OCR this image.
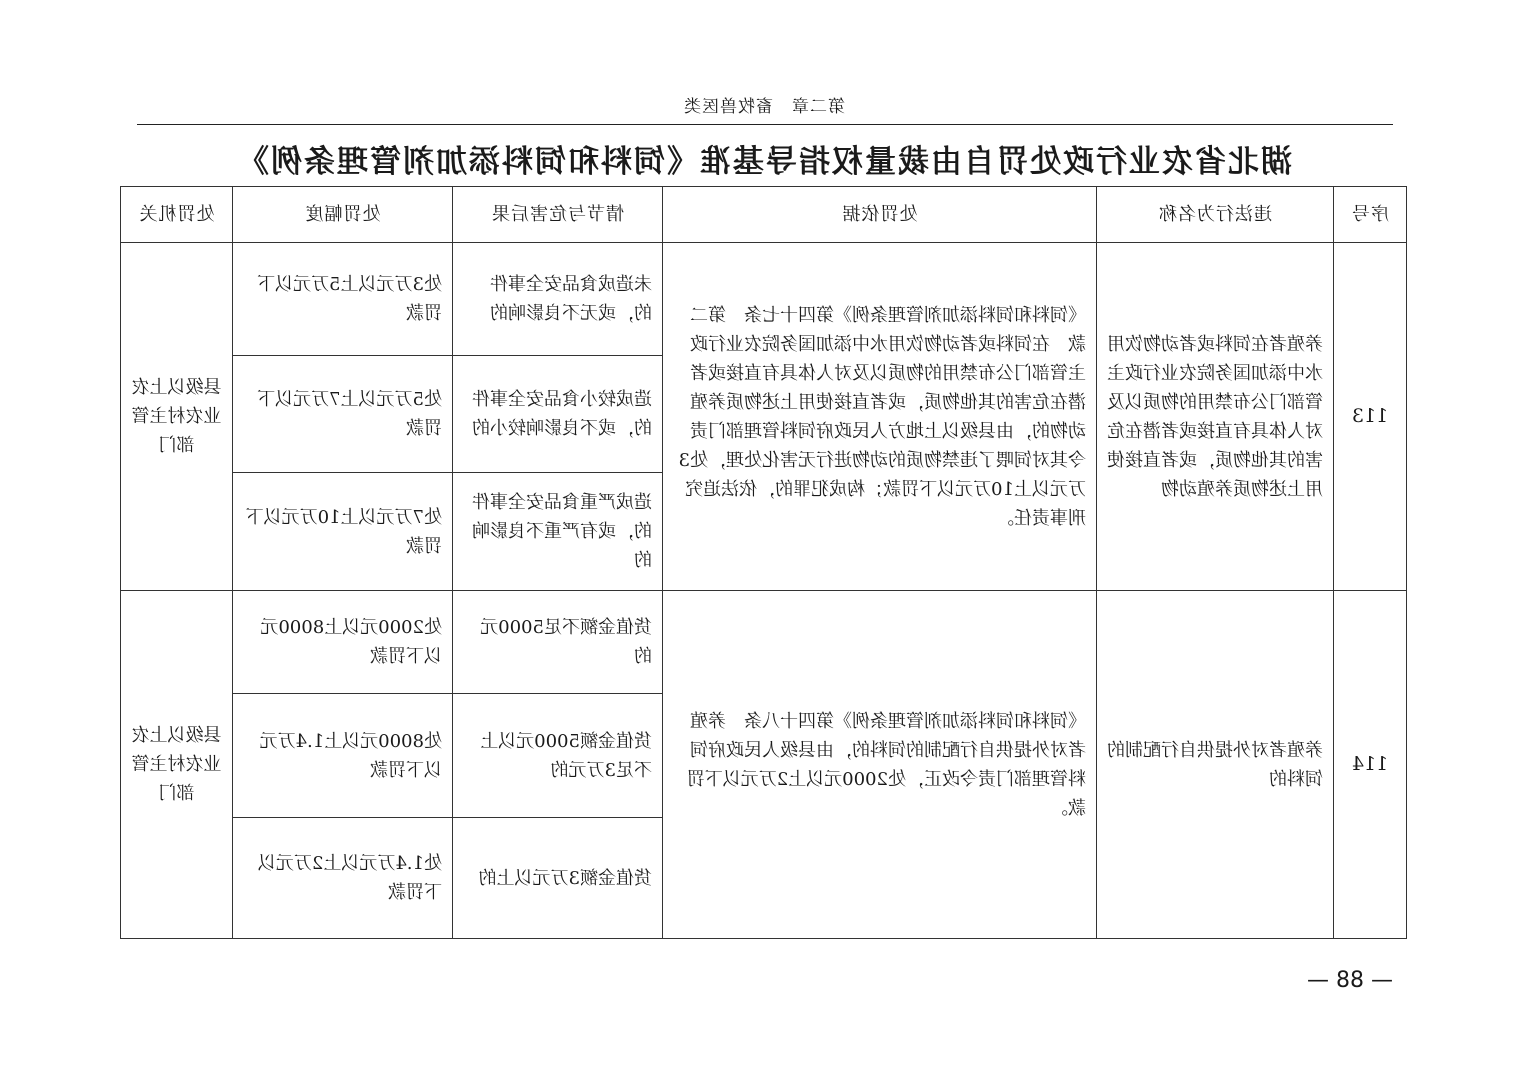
第二章　畜牧兽医类
湖北省农业行政处罚自由裁量权指导基准《饲料和饲料添加剂管理条例》
序号	违法行为名称	处罚依据	情节与危害后果	处罚幅度	处罚机关
113	养殖者在饲料或者动物饮用水中添加国务院农业行政主管部门公布禁用的物质以及对人体具有直接或者潜在危害的其他物质，或者直接使用上述物质养殖动物	《饲料和饲料添加剂管理条例》第四十七条　第二款　在饲料或者动物饮用水中添加国务院农业行政主管部门公布禁用的物质以及对人体具有直接或者潜在危害的其他物质，或者直接使用上述物质养殖动物的，由县级以上地方人民政府饲料管理部门责令其对饲喂了违禁物质的动物进行无害化处理，处3万元以上10万元以下罚款；构成犯罪的，依法追究刑事责任。	未造成食品安全事件的，或无不良影响的	处3万元以上5万元以下罚款	县级以上农业农村主管部门
			造成较小食品安全事件的，或不良影响较小的	处5万元以上7万元以下罚款	
			造成严重食品安全事件的，或有严重不良影响的	处7万元以上10万元以下罚款	
114	养殖者对外提供自行配制的饲料的	《饲料和饲料添加剂管理条例》第四十八条　养殖者对外提供自行配制的饲料的，由县级人民政府饲料管理部门责令改正，处2000元以上2万元以下罚款。	货值金额不足5000元的	处2000元以上8000元以下罚款	县级以上农业农村主管部门
			货值金额5000元以上不足3万元的	处8000元以上1.4万元以下罚款	
			货值金额3万元以上的	处1.4万元以上2万元以下罚款	
— 88 —
